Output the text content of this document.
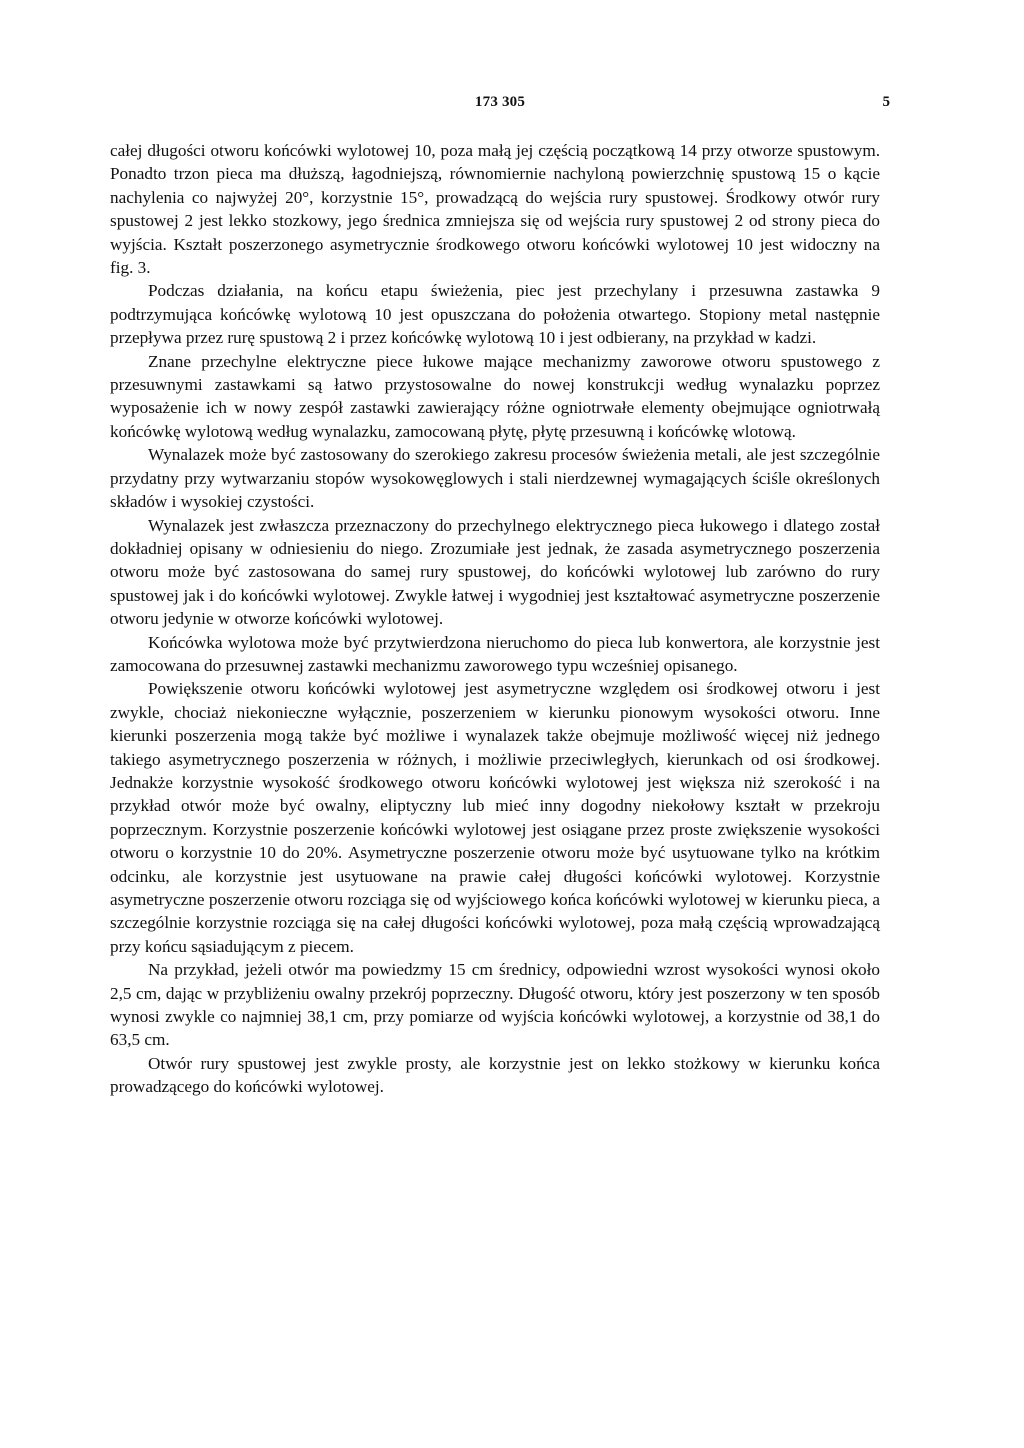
173 305	5

całej długości otworu końcówki wylotowej 10, poza małą jej częścią początkową 14 przy otworze spustowym. Ponadto trzon pieca ma dłuższą, łagodniejszą, równomiernie nachyloną powierzchnię spustową 15 o kącie nachylenia co najwyżej 20°, korzystnie 15°, prowadzącą do wejścia rury spustowej. Środkowy otwór rury spustowej 2 jest lekko stozkowy, jego średnica zmniejsza się od wejścia rury spustowej 2 od strony pieca do wyjścia. Kształt poszerzonego asymetrycznie środkowego otworu końcówki wylotowej 10 jest widoczny na fig. 3.

Podczas działania, na końcu etapu świeżenia, piec jest przechylany i przesuwna zastawka 9 podtrzymująca końcówkę wylotową 10 jest opuszczana do położenia otwartego. Stopiony metal następnie przepływa przez rurę spustową 2 i przez końcówkę wylotową 10 i jest odbierany, na przykład w kadzi.

Znane przechylne elektryczne piece łukowe mające mechanizmy zaworowe otworu spustowego z przesuwnymi zastawkami są łatwo przystosowalne do nowej konstrukcji według wynalazku poprzez wyposażenie ich w nowy zespół zastawki zawierający różne ogniotrwałe elementy obejmujące ogniotrwałą końcówkę wylotową według wynalazku, zamocowaną płytę, płytę przesuwną i końcówkę wlotową.

Wynalazek może być zastosowany do szerokiego zakresu procesów świeżenia metali, ale jest szczególnie przydatny przy wytwarzaniu stopów wysokowęglowych i stali nierdzewnej wymagających ściśle określonych składów i wysokiej czystości.

Wynalazek jest zwłaszcza przeznaczony do przechylnego elektrycznego pieca łukowego i dlatego został dokładniej opisany w odniesieniu do niego. Zrozumiałe jest jednak, że zasada asymetrycznego poszerzenia otworu może być zastosowana do samej rury spustowej, do końcówki wylotowej lub zarówno do rury spustowej jak i do końcówki wylotowej. Zwykle łatwej i wygodniej jest kształtować asymetryczne poszerzenie otworu jedynie w otworze końcówki wylotowej.

Końcówka wylotowa może być przytwierdzona nieruchomo do pieca lub konwertora, ale korzystnie jest zamocowana do przesuwnej zastawki mechanizmu zaworowego typu wcześniej opisanego.

Powiększenie otworu końcówki wylotowej jest asymetryczne względem osi środkowej otworu i jest zwykle, chociaż niekonieczne wyłącznie, poszerzeniem w kierunku pionowym wysokości otworu. Inne kierunki poszerzenia mogą także być możliwe i wynalazek także obejmuje możliwość więcej niż jednego takiego asymetrycznego poszerzenia w różnych, i możliwie przeciwległych, kierunkach od osi środkowej. Jednakże korzystnie wysokość środkowego otworu końcówki wylotowej jest większa niż szerokość i na przykład otwór może być owalny, eliptyczny lub mieć inny dogodny niekołowy kształt w przekroju poprzecznym. Korzystnie poszerzenie końcówki wylotowej jest osiągane przez proste zwiększenie wysokości otworu o korzystnie 10 do 20%. Asymetryczne poszerzenie otworu może być usytuowane tylko na krótkim odcinku, ale korzystnie jest usytuowane na prawie całej długości końcówki wylotowej. Korzystnie asymetryczne poszerzenie otworu rozciąga się od wyjściowego końca końcówki wylotowej w kierunku pieca, a szczególnie korzystnie rozciąga się na całej długości końcówki wylotowej, poza małą częścią wprowadzającą przy końcu sąsiadującym z piecem.

Na przykład, jeżeli otwór ma powiedzmy 15 cm średnicy, odpowiedni wzrost wysokości wynosi około 2,5 cm, dając w przybliżeniu owalny przekrój poprzeczny. Długość otworu, który jest poszerzony w ten sposób wynosi zwykle co najmniej 38,1 cm, przy pomiarze od wyjścia końcówki wylotowej, a korzystnie od 38,1 do 63,5 cm.

Otwór rury spustowej jest zwykle prosty, ale korzystnie jest on lekko stożkowy w kierunku końca prowadzącego do końcówki wylotowej.
